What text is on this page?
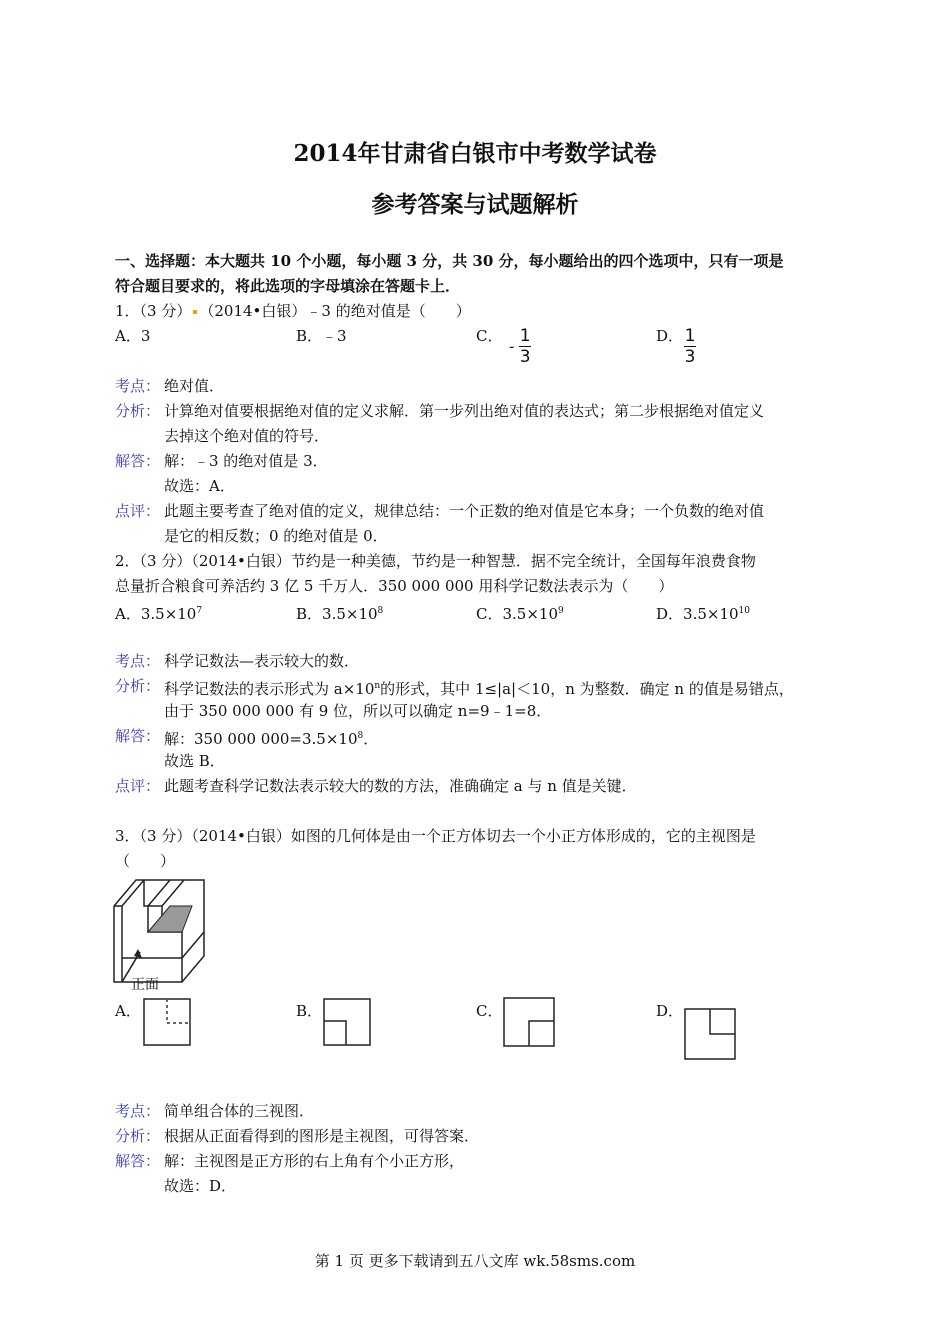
2014年甘肃省白银市中考数学试卷
参考答案与试题解析
一、选择题：本大题共 10 个小题，每小题 3 分，共 30 分，每小题给出的四个选项中，只有一项是
符合题目要求的，将此选项的字母填涂在答题卡上．
1．（3 分） （2014•白银）﹣3 的绝对值是（　　）
A．3	B．﹣3	C．
- $\frac{1}{3}$	D． $\frac{1}{3}$
考点： 绝对值．
分析： 计算绝对值要根据绝对值的定义求解．第一步列出绝对值的表达式；第二步根据绝对值定义
去掉这个绝对值的符号．
解答： 解：﹣3 的绝对值是 3．
故选：A．
点评： 此题主要考查了绝对值的定义，规律总结：一个正数的绝对值是它本身；一个负数的绝对值
是它的相反数；0 的绝对值是 0．
2．（3 分）（2014•白银）节约是一种美德，节约是一种智慧．据不完全统计，全国每年浪费食物
总量折合粮食可养活约 3 亿 5 千万人．350 000 000 用科学记数法表示为（　　）
A．$3.5\times 10^7$	B．$3.5\times 10^8$	C．$3.5\times 10^9$	D．$3.5\times 10^{10}$
考点： 科学记数法—表示较大的数．
分析： 科学记数法的表示形式为 $a\times 10^n$的形式，其中 1≤|a|＜10，n 为整数．确定 n 的值是易错点，
由于 350 000 000 有 9 位，所以可以确定 n=9﹣1=8．
解答： 解：350 000 $000=3.5\times 10^8$．
故选 B．
点评： 此题考查科学记数法表示较大的数的方法，准确确定 a 与 n 值是关键．
3．（3 分）（2014•白银）如图的几何体是由一个正方体切去一个小正方体形成的，它的主视图是
（　　）
正面
A．	B．	C．	D．
考点： 简单组合体的三视图．
分析： 根据从正面看得到的图形是主视图，可得答案．
解答： 解：主视图是正方形的右上角有个小正方形，
故选：D．
第 1 页 更多下载请到五八文库 wk.58sms.com
